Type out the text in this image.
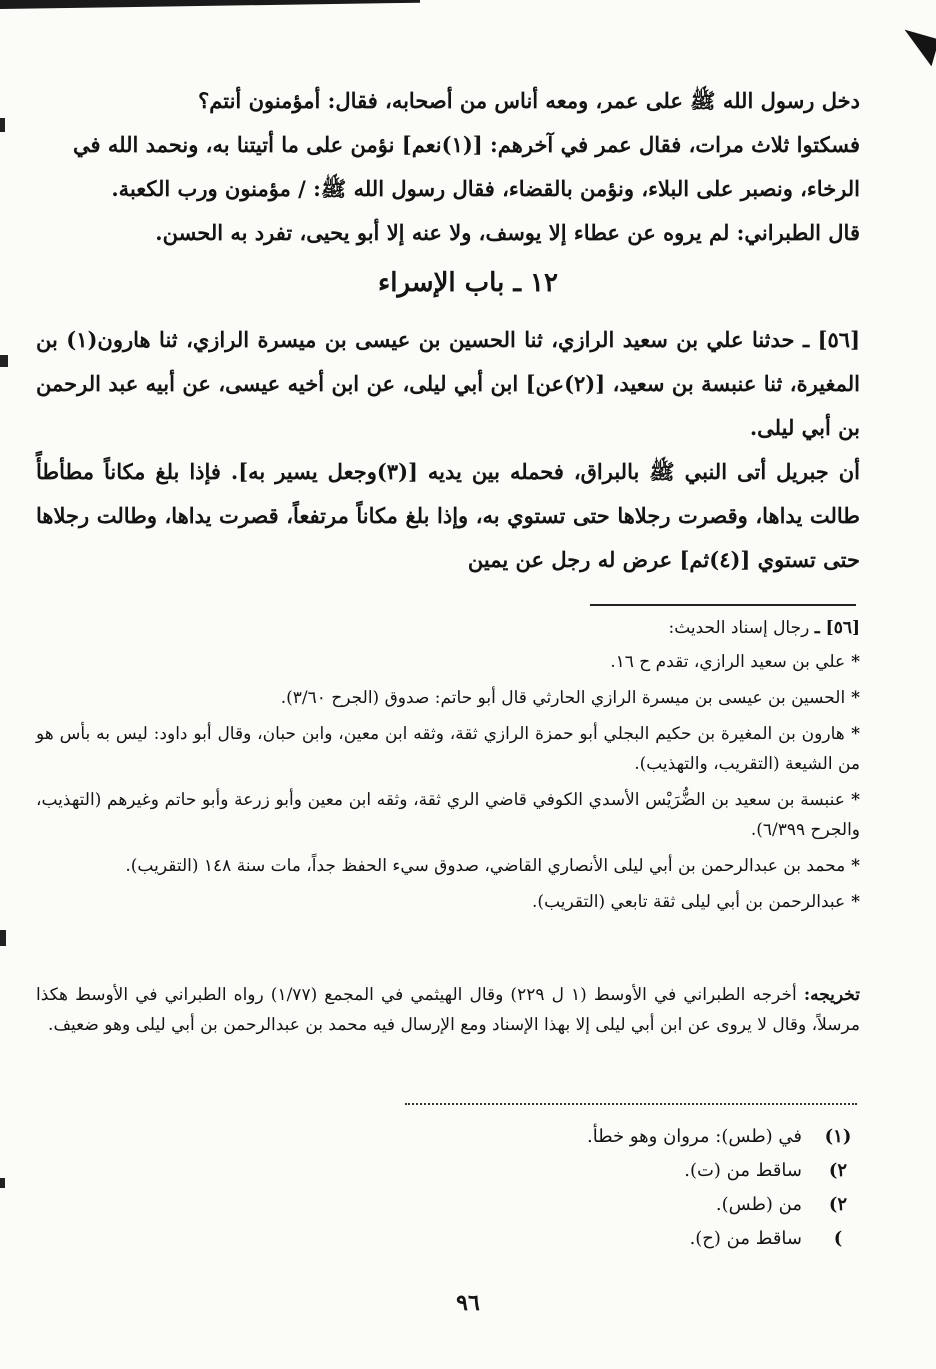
دخل رسول الله ﷺ على عمر، ومعه أناس من أصحابه، فقال: أمؤمنون أنتم؟

فسكتوا ثلاث مرات، فقال عمر في آخرهم: [(١)نعم] نؤمن على ما أتيتنا به، ونحمد الله في

الرخاء، ونصبر على البلاء، ونؤمن بالقضاء، فقال رسول الله ﷺ: / مؤمنون ورب الكعبة.

قال الطبراني: لم يروه عن عطاء إلا يوسف، ولا عنه إلا أبو يحيى، تفرد به الحسن.

١٢ ـ باب الإسراء

[٥٦] ـ حدثنا علي بن سعيد الرازي، ثنا الحسين بن عيسى بن ميسرة الرازي، ثنا هارون(١) بن المغيرة، ثنا عنبسة بن سعيد، [(٢)عن] ابن أبي ليلى، عن ابن أخيه عيسى، عن أبيه عبد الرحمن بن أبي ليلى.

أن جبريل أتى النبي ﷺ بالبراق، فحمله بين يديه [(٣)وجعل يسير به]. فإذا بلغ مكاناً مطأطأً طالت يداها، وقصرت رجلاها حتى تستوي به، وإذا بلغ مكاناً مرتفعاً، قصرت يداها، وطالت رجلاها حتى تستوي [(٤)ثم] عرض له رجل عن يمين

[٥٦] ـ رجال إسناد الحديث:
* علي بن سعيد الرازي، تقدم ح ١٦.
* الحسين بن عيسى بن ميسرة الرازي الحارثي قال أبو حاتم: صدوق (الجرح ٣/٦٠).
* هارون بن المغيرة بن حكيم البجلي أبو حمزة الرازي ثقة، وثقه ابن معين، وابن حبان، وقال أبو داود: ليس به بأس هو من الشيعة (التقريب، والتهذيب).
* عنبسة بن سعيد بن الضُّرَيْس الأسدي الكوفي قاضي الري ثقة، وثقه ابن معين وأبو زرعة وأبو حاتم وغيرهم (التهذيب، والجرح ٦/٣٩٩).
* محمد بن عبدالرحمن بن أبي ليلى الأنصاري القاضي، صدوق سيء الحفظ جداً، مات سنة ١٤٨ (التقريب).
* عبدالرحمن بن أبي ليلى ثقة تابعي (التقريب).

تخريجه: أخرجه الطبراني في الأوسط (١ ل ٢٢٩) وقال الهيثمي في المجمع (١/٧٧) رواه الطبراني في الأوسط هكذا مرسلاً، وقال لا يروى عن ابن أبي ليلى إلا بهذا الإسناد ومع الإرسال فيه محمد بن عبدالرحمن بن أبي ليلى وهو ضعيف.

(١)
في (طس): مروان وهو خطأ.
٢)
ساقط من (ت).
٢)
من (طس).
)
ساقط من (ح).
٩٦
